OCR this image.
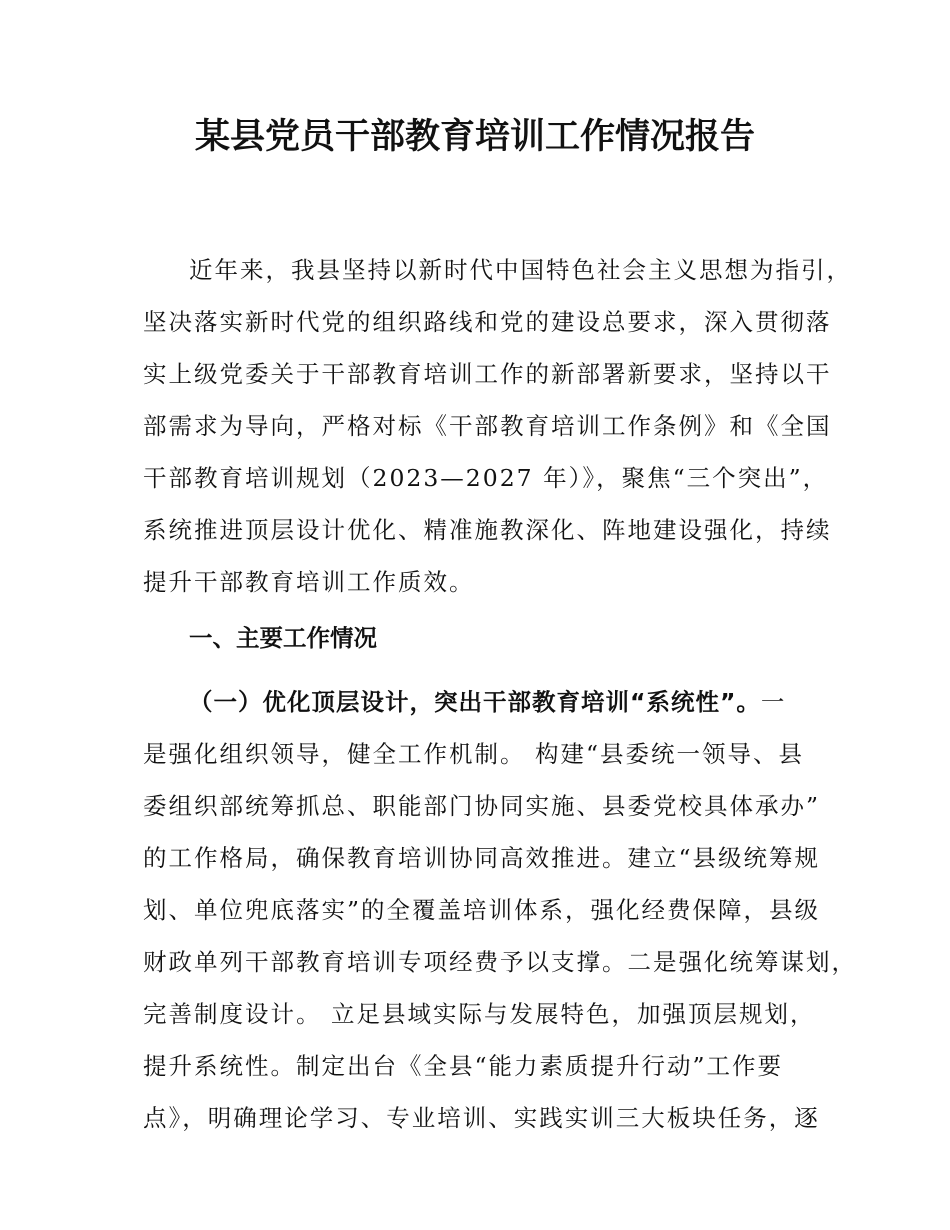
某县党员干部教育培训工作情况报告
近年来，我县坚持以新时代中国特色社会主义思想为指引，
坚决落实新时代党的组织路线和党的建设总要求，深入贯彻落
实上级党委关于干部教育培训工作的新部署新要求，坚持以干
部需求为导向，严格对标《干部教育培训工作条例》和《全国
干部教育培训规划（2023—2027 年）》，聚焦“三个突出”，
系统推进顶层设计优化、精准施教深化、阵地建设强化，持续
提升干部教育培训工作质效。
一、主要工作情况
（一）优化顶层设计，突出干部教育培训“系统性”。一
是强化组织领导，健全工作机制。 构建“县委统一领导、县
委组织部统筹抓总、职能部门协同实施、县委党校具体承办”
的工作格局，确保教育培训协同高效推进。建立“县级统筹规
划、单位兜底落实”的全覆盖培训体系，强化经费保障，县级
财政单列干部教育培训专项经费予以支撑。二是强化统筹谋划，
完善制度设计。 立足县域实际与发展特色，加强顶层规划，
提升系统性。制定出台《全县“能力素质提升行动”工作要
点》，明确理论学习、专业培训、实践实训三大板块任务，逐
